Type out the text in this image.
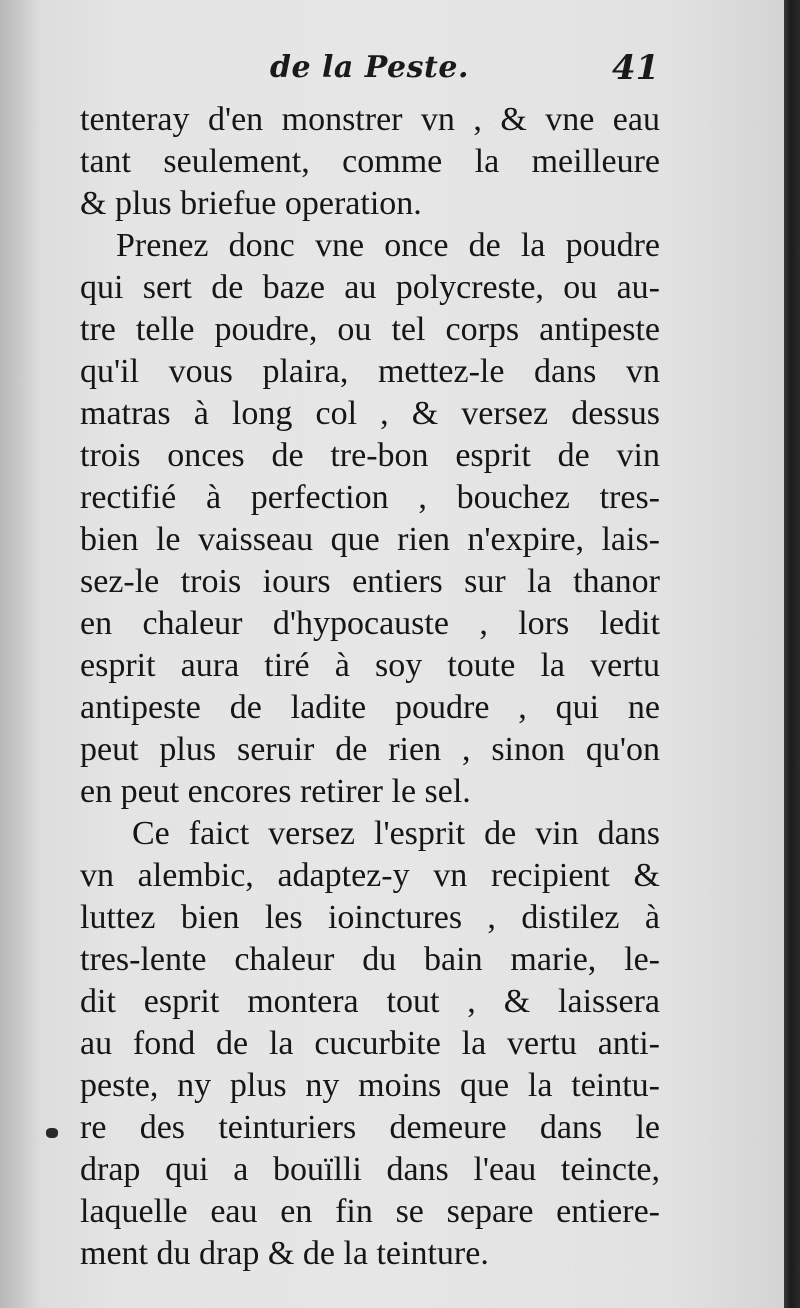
de la Peste.	41
tenteray d'en monstrer vn , & vne eau
tant seulement, comme la meilleure
& plus briefue operation.
Prenez donc vne once de la poudre
qui sert de baze au polycreste, ou au-
tre telle poudre, ou tel corps antipeste
qu'il vous plaira, mettez-le dans vn
matras à long col , & versez dessus
trois onces de tre-bon esprit de vin
rectifié à perfection , bouchez tres-
bien le vaisseau que rien n'expire, lais-
sez-le trois iours entiers sur la thanor
en chaleur d'hypocauste , lors ledit
esprit aura tiré à soy toute la vertu
antipeste de ladite poudre , qui ne
peut plus seruir de rien , sinon qu'on
en peut encores retirer le sel.
Ce faict versez l'esprit de vin dans
vn alembic, adaptez-y vn recipient &
luttez bien les ioinctures , distilez à
tres-lente chaleur du bain marie, le-
dit esprit montera tout , & laissera
au fond de la cucurbite la vertu anti-
peste, ny plus ny moins que la teintu-
re des teinturiers demeure dans le
drap qui a bouïlli dans l'eau teincte,
laquelle eau en fin se separe entiere-
ment du drap & de la teinture.
